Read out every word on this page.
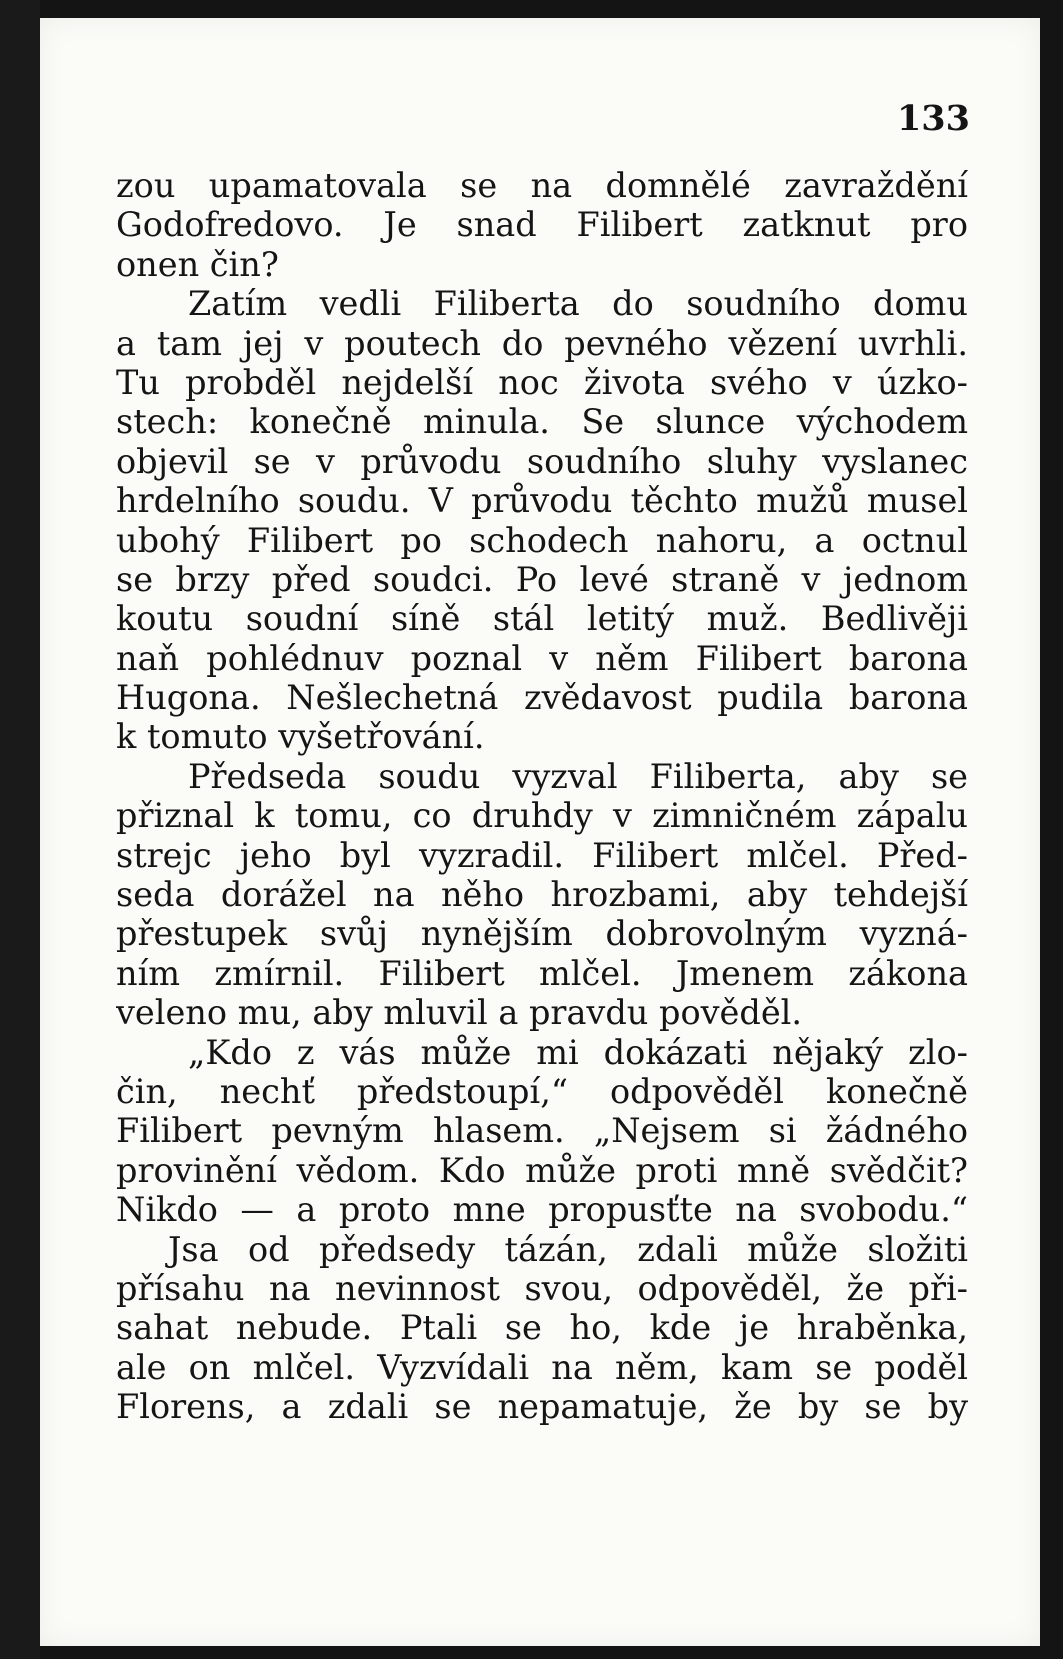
133
zou upamatovala se na domnělé zavraždění
Godofredovo. Je snad Filibert zatknut pro
onen čin?
Zatím vedli Filiberta do soudního domu
a tam jej v poutech do pevného vězení uvrhli.
Tu probděl nejdelší noc života svého v úzko-
stech: konečně minula. Se slunce východem
objevil se v průvodu soudního sluhy vyslanec
hrdelního soudu. V průvodu těchto mužů musel
ubohý Filibert po schodech nahoru, a octnul
se brzy před soudci. Po levé straně v jednom
koutu soudní síně stál letitý muž. Bedlivěji
naň pohlédnuv poznal v něm Filibert barona
Hugona. Nešlechetná zvědavost pudila barona
k tomuto vyšetřování.
Předseda soudu vyzval Filiberta, aby se
přiznal k tomu, co druhdy v zimničném zápalu
strejc jeho byl vyzradil. Filibert mlčel. Před-
seda dorážel na něho hrozbami, aby tehdejší
přestupek svůj nynějším dobrovolným vyzná-
ním zmírnil. Filibert mlčel. Jmenem zákona
veleno mu, aby mluvil a pravdu pověděl.
„Kdo z vás může mi dokázati nějaký zlo-
čin, nechť předstoupí,“ odpověděl konečně
Filibert pevným hlasem. „Nejsem si žádného
provinění vědom. Kdo může proti mně svědčit?
Nikdo — a proto mne propusťte na svobodu.“
Jsa od předsedy tázán, zdali může složiti
přísahu na nevinnost svou, odpověděl, že při-
sahat nebude. Ptali se ho, kde je hraběnka,
ale on mlčel. Vyzvídali na něm, kam se poděl
Florens, a zdali se nepamatuje, že by se by
